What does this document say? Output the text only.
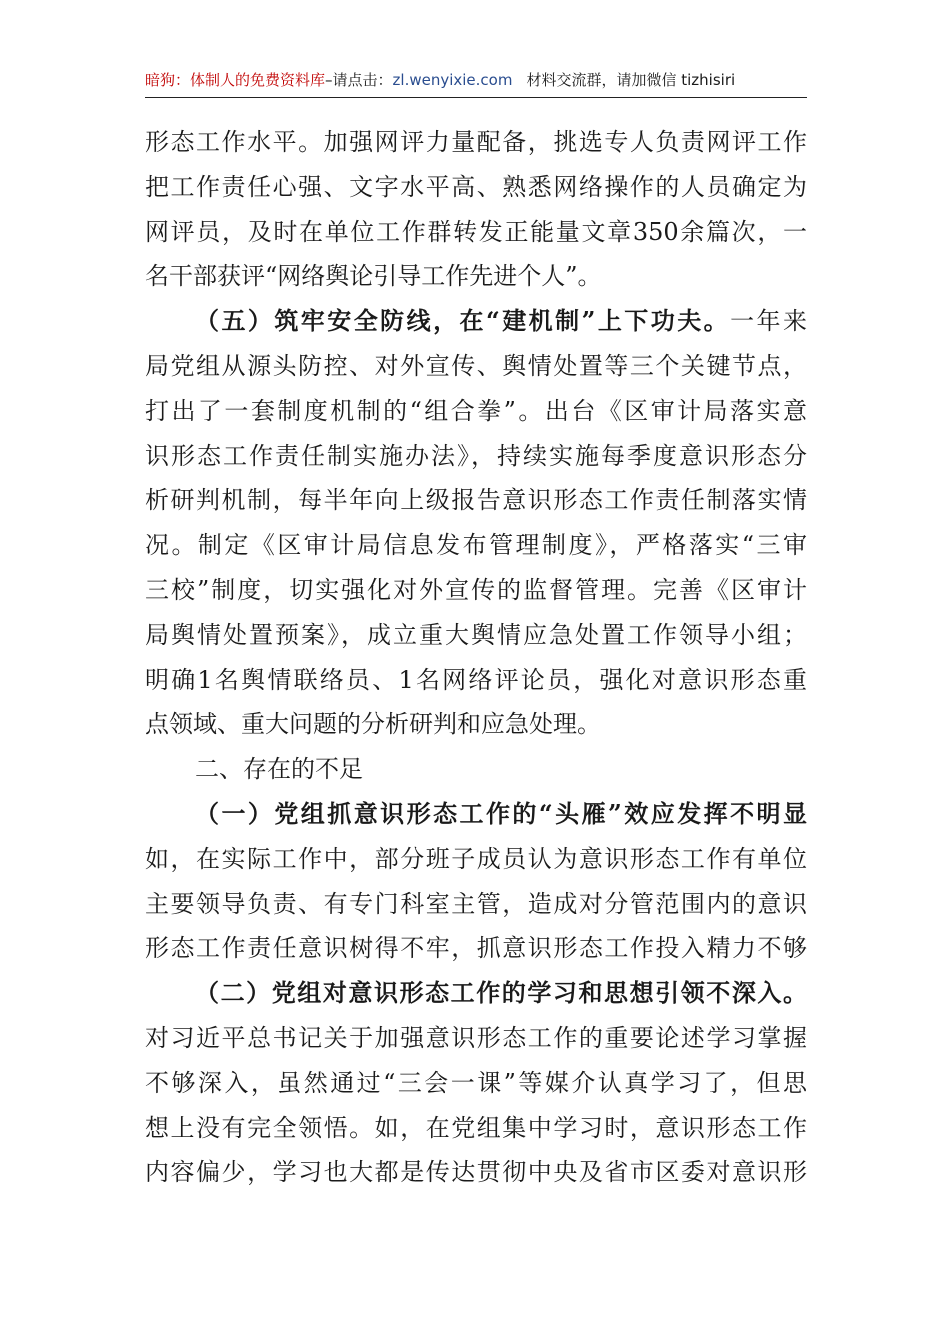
暗狗：体制人的免费资料库–请点击：zl.wenyixie.com 材料交流群，请加微信 tizhisiri
形态工作水平。加强网评力量配备，挑选专人负责网评工作
把工作责任心强、文字水平高、熟悉网络操作的人员确定为
网评员，及时在单位工作群转发正能量文章350余篇次，一
名干部获评“网络舆论引导工作先进个人”。
（五）筑牢安全防线，在“建机制”上下功夫。一年来
局党组从源头防控、对外宣传、舆情处置等三个关键节点，
打出了一套制度机制的“组合拳”。出台《区审计局落实意
识形态工作责任制实施办法》，持续实施每季度意识形态分
析研判机制，每半年向上级报告意识形态工作责任制落实情
况。制定《区审计局信息发布管理制度》，严格落实“三审
三校”制度，切实强化对外宣传的监督管理。完善《区审计
局舆情处置预案》，成立重大舆情应急处置工作领导小组；
明确1名舆情联络员、1名网络评论员，强化对意识形态重
点领域、重大问题的分析研判和应急处理。
二、存在的不足
（一）党组抓意识形态工作的“头雁”效应发挥不明显
如，在实际工作中，部分班子成员认为意识形态工作有单位
主要领导负责、有专门科室主管，造成对分管范围内的意识
形态工作责任意识树得不牢，抓意识形态工作投入精力不够
（二）党组对意识形态工作的学习和思想引领不深入。
对习近平总书记关于加强意识形态工作的重要论述学习掌握
不够深入，虽然通过“三会一课”等媒介认真学习了，但思
想上没有完全领悟。如，在党组集中学习时，意识形态工作
内容偏少，学习也大都是传达贯彻中央及省市区委对意识形
